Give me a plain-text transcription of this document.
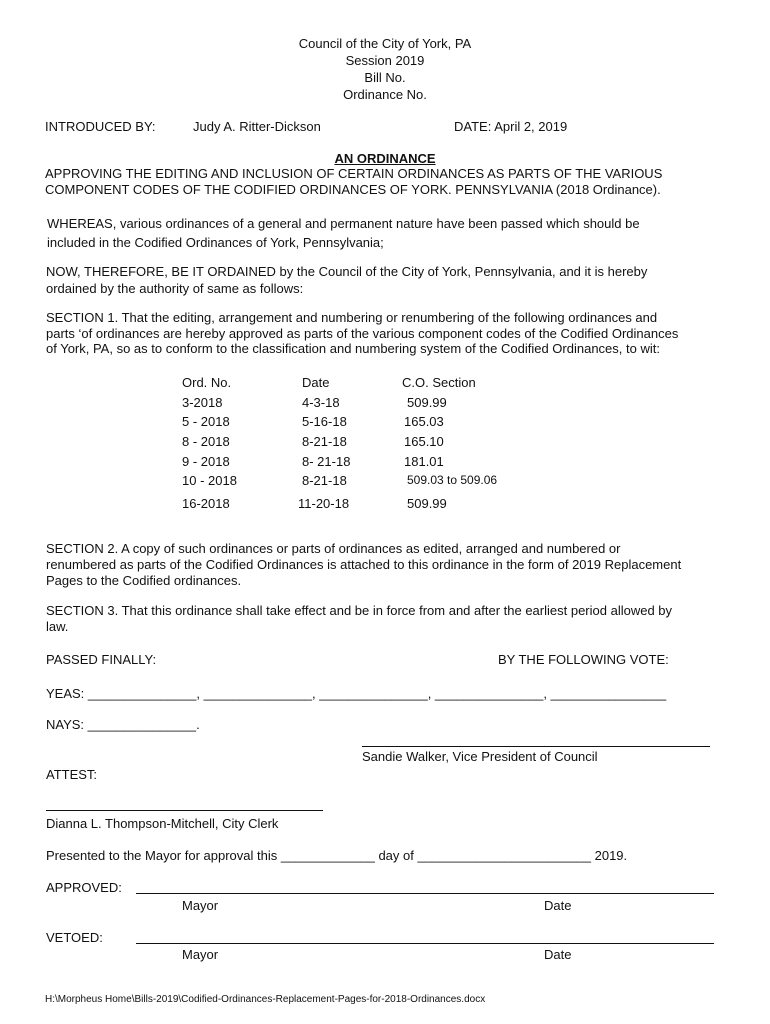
Council of the City of York, PA
Session 2019
Bill No.
Ordinance No.
INTRODUCED BY:	Judy A. Ritter-Dickson	DATE: April 2, 2019
AN ORDINANCE
APPROVING THE EDITING AND INCLUSION OF CERTAIN ORDINANCES AS PARTS OF THE VARIOUS
COMPONENT CODES OF THE CODIFIED ORDINANCES OF YORK. PENNSYLVANIA (2018 Ordinance).
WHEREAS, various ordinances of a general and permanent nature have been passed which should be
included in the Codified Ordinances of York, Pennsylvania;
NOW, THEREFORE, BE IT ORDAINED by the Council of the City of York, Pennsylvania, and it is hereby
ordained by the authority of same as follows:
SECTION 1. That the editing, arrangement and numbering or renumbering of the following ordinances and
parts ‘of ordinances are hereby approved as parts of the various component codes of the Codified Ordinances
of York, PA, so as to conform to the classification and numbering system of the Codified Ordinances, to wit:
Ord. No.	Date	C.O. Section
3-2018	4-3-18	509.99
5 - 2018	5-16-18	165.03
8 - 2018	8-21-18	165.10
9 - 2018	8- 21-18	181.01
10 - 2018	8-21-18	509.03 to 509.06
16-2018	11-20-18	509.99
SECTION 2. A copy of such ordinances or parts of ordinances as edited, arranged and numbered or
renumbered as parts of the Codified Ordinances is attached to this ordinance in the form of 2019 Replacement
Pages to the Codified ordinances.
SECTION 3. That this ordinance shall take effect and be in force from and after the earliest period allowed by
law.
PASSED FINALLY:	BY THE FOLLOWING VOTE:
YEAS: _______________, _______________, _______________, _______________, ________________
NAYS: _______________.
Sandie Walker, Vice President of Council
ATTEST:
Dianna L. Thompson-Mitchell, City Clerk
Presented to the Mayor for approval this _____________ day of ________________________ 2019.
APPROVED:
Mayor	Date
VETOED:
Mayor	Date
H:\Morpheus Home\Bills-2019\Codified-Ordinances-Replacement-Pages-for-2018-Ordinances.docx
